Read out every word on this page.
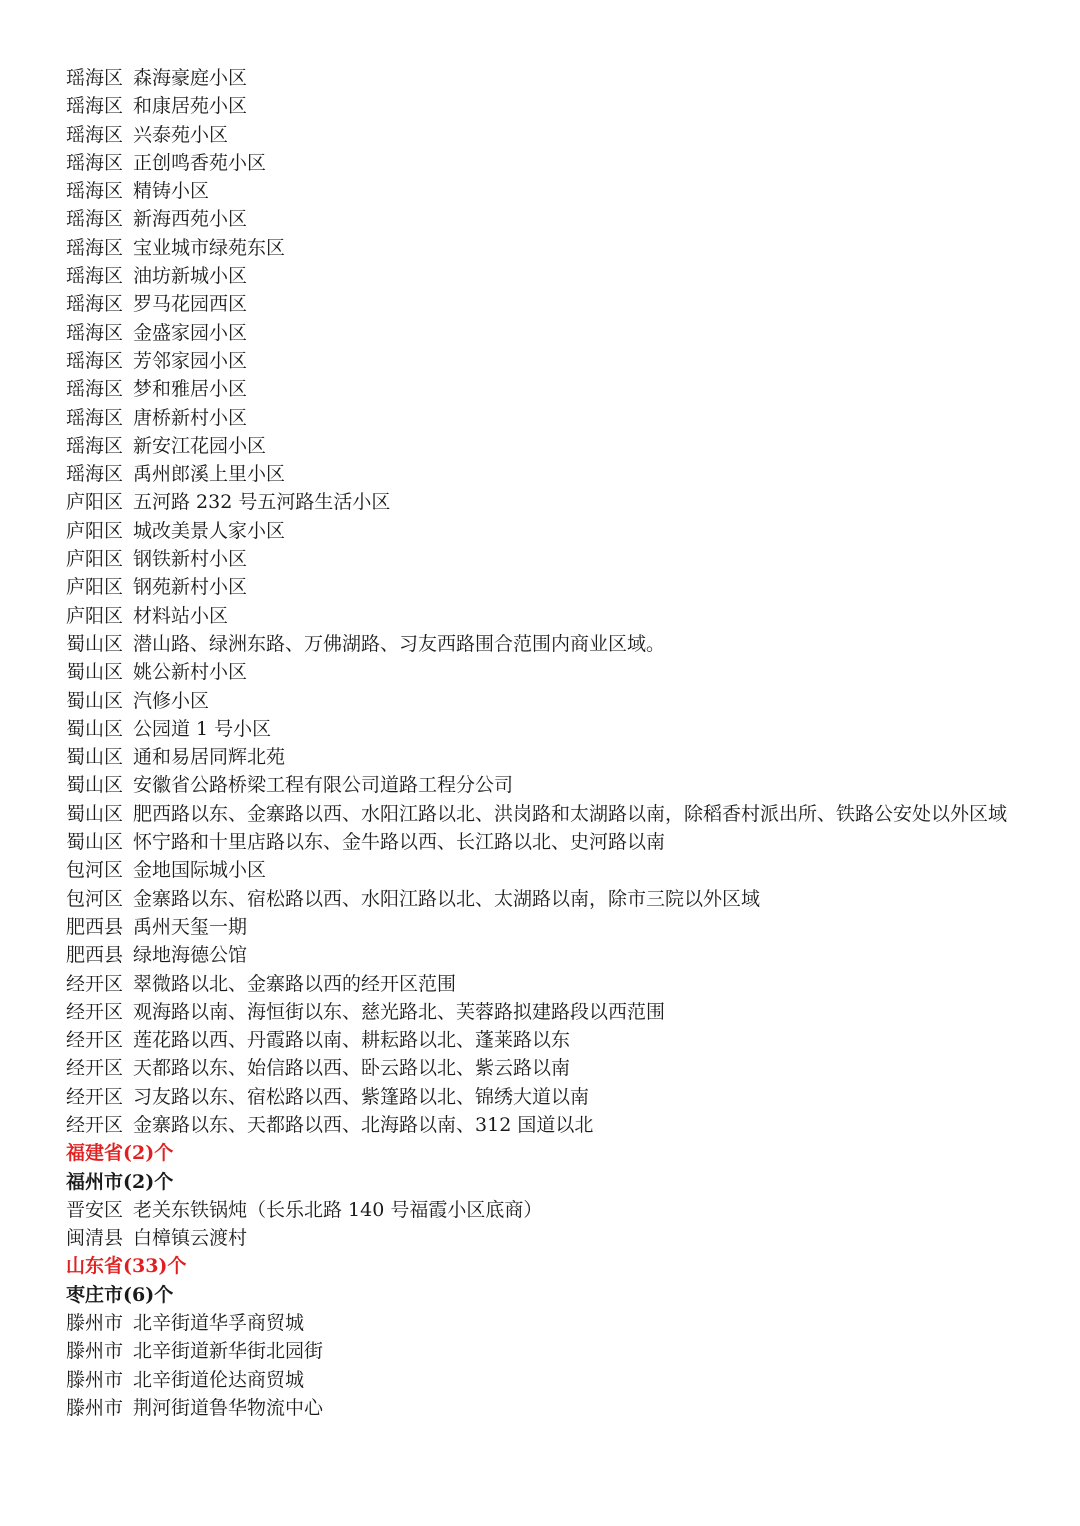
瑶海区 森海豪庭小区
瑶海区 和康居苑小区
瑶海区 兴泰苑小区
瑶海区 正创鸣香苑小区
瑶海区 精铸小区
瑶海区 新海西苑小区
瑶海区 宝业城市绿苑东区
瑶海区 油坊新城小区
瑶海区 罗马花园西区
瑶海区 金盛家园小区
瑶海区 芳邻家园小区
瑶海区 梦和雅居小区
瑶海区 唐桥新村小区
瑶海区 新安江花园小区
瑶海区 禹州郎溪上里小区
庐阳区 五河路 232 号五河路生活小区
庐阳区 城改美景人家小区
庐阳区 钢铁新村小区
庐阳区 钢苑新村小区
庐阳区 材料站小区
蜀山区 潜山路、绿洲东路、万佛湖路、习友西路围合范围内商业区域。
蜀山区 姚公新村小区
蜀山区 汽修小区
蜀山区 公园道 1 号小区
蜀山区 通和易居同辉北苑
蜀山区 安徽省公路桥梁工程有限公司道路工程分公司
蜀山区 肥西路以东、金寨路以西、水阳江路以北、洪岗路和太湖路以南，除稻香村派出所、铁路公安处以外区域
蜀山区 怀宁路和十里店路以东、金牛路以西、长江路以北、史河路以南
包河区 金地国际城小区
包河区 金寨路以东、宿松路以西、水阳江路以北、太湖路以南，除市三院以外区域
肥西县 禹州天玺一期
肥西县 绿地海德公馆
经开区 翠微路以北、金寨路以西的经开区范围
经开区 观海路以南、海恒街以东、慈光路北、芙蓉路拟建路段以西范围
经开区 莲花路以西、丹霞路以南、耕耘路以北、蓬莱路以东
经开区 天都路以东、始信路以西、卧云路以北、紫云路以南
经开区 习友路以东、宿松路以西、紫篷路以北、锦绣大道以南
经开区 金寨路以东、天都路以西、北海路以南、312 国道以北
福建省(2)个
福州市(2)个
晋安区 老关东铁锅炖（长乐北路 140 号福霞小区底商）
闽清县 白樟镇云渡村
山东省(33)个
枣庄市(6)个
滕州市 北辛街道华孚商贸城
滕州市 北辛街道新华街北园街
滕州市 北辛街道伦达商贸城
滕州市 荆河街道鲁华物流中心
